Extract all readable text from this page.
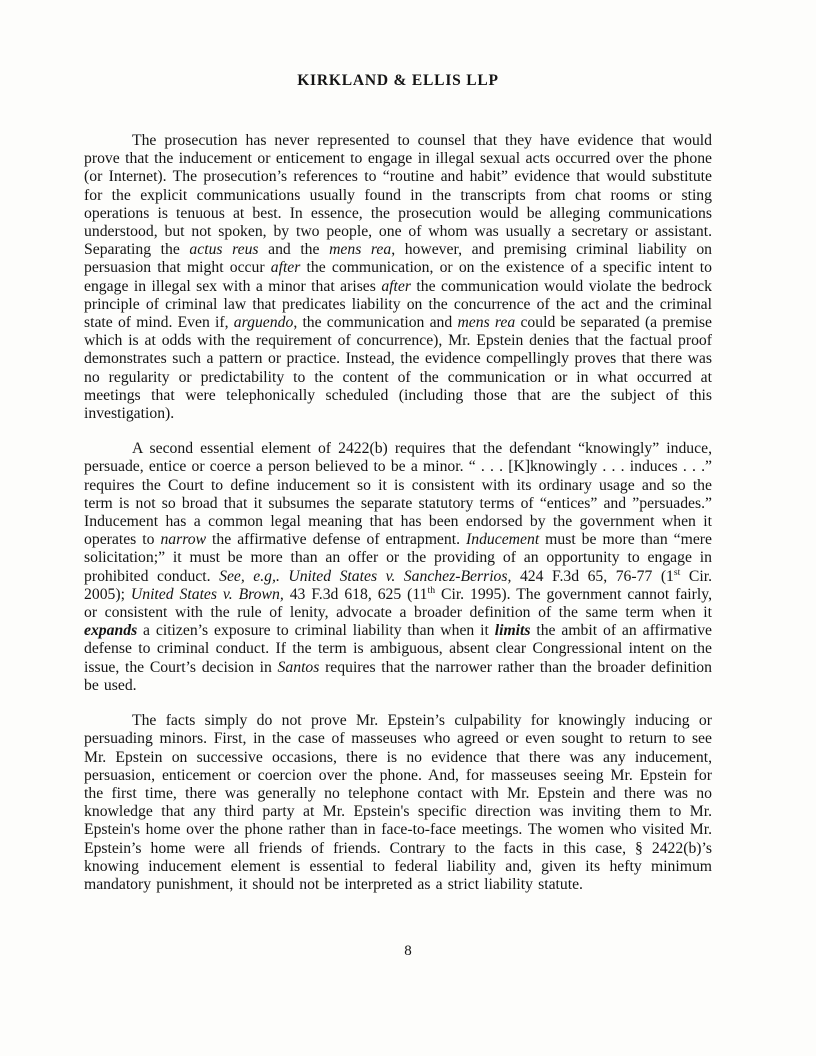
KIRKLAND & ELLIS LLP

The prosecution has never represented to counsel that they have evidence that would prove that the inducement or enticement to engage in illegal sexual acts occurred over the phone (or Internet). The prosecution’s references to “routine and habit” evidence that would substitute for the explicit communications usually found in the transcripts from chat rooms or sting operations is tenuous at best. In essence, the prosecution would be alleging communications understood, but not spoken, by two people, one of whom was usually a secretary or assistant. Separating the actus reus and the mens rea, however, and premising criminal liability on persuasion that might occur after the communication, or on the existence of a specific intent to engage in illegal sex with a minor that arises after the communication would violate the bedrock principle of criminal law that predicates liability on the concurrence of the act and the criminal state of mind. Even if, arguendo, the communication and mens rea could be separated (a premise which is at odds with the requirement of concurrence), Mr. Epstein denies that the factual proof demonstrates such a pattern or practice. Instead, the evidence compellingly proves that there was no regularity or predictability to the content of the communication or in what occurred at meetings that were telephonically scheduled (including those that are the subject of this investigation).

A second essential element of 2422(b) requires that the defendant “knowingly” induce, persuade, entice or coerce a person believed to be a minor. “ . . . [K]knowingly . . . induces . . .” requires the Court to define inducement so it is consistent with its ordinary usage and so the term is not so broad that it subsumes the separate statutory terms of “entices” and ”persuades.” Inducement has a common legal meaning that has been endorsed by the government when it operates to narrow the affirmative defense of entrapment. Inducement must be more than “mere solicitation;” it must be more than an offer or the providing of an opportunity to engage in prohibited conduct. See, e.g,. United States v. Sanchez-Berrios, 424 F.3d 65, 76-77 (1st Cir. 2005); United States v. Brown, 43 F.3d 618, 625 (11th Cir. 1995). The government cannot fairly, or consistent with the rule of lenity, advocate a broader definition of the same term when it expands a citizen’s exposure to criminal liability than when it limits the ambit of an affirmative defense to criminal conduct. If the term is ambiguous, absent clear Congressional intent on the issue, the Court’s decision in Santos requires that the narrower rather than the broader definition be used.

The facts simply do not prove Mr. Epstein’s culpability for knowingly inducing or persuading minors. First, in the case of masseuses who agreed or even sought to return to see Mr. Epstein on successive occasions, there is no evidence that there was any inducement, persuasion, enticement or coercion over the phone. And, for masseuses seeing Mr. Epstein for the first time, there was generally no telephone contact with Mr. Epstein and there was no knowledge that any third party at Mr. Epstein's specific direction was inviting them to Mr. Epstein's home over the phone rather than in face-to-face meetings. The women who visited Mr. Epstein’s home were all friends of friends. Contrary to the facts in this case, § 2422(b)’s knowing inducement element is essential to federal liability and, given its hefty minimum mandatory punishment, it should not be interpreted as a strict liability statute.

8
